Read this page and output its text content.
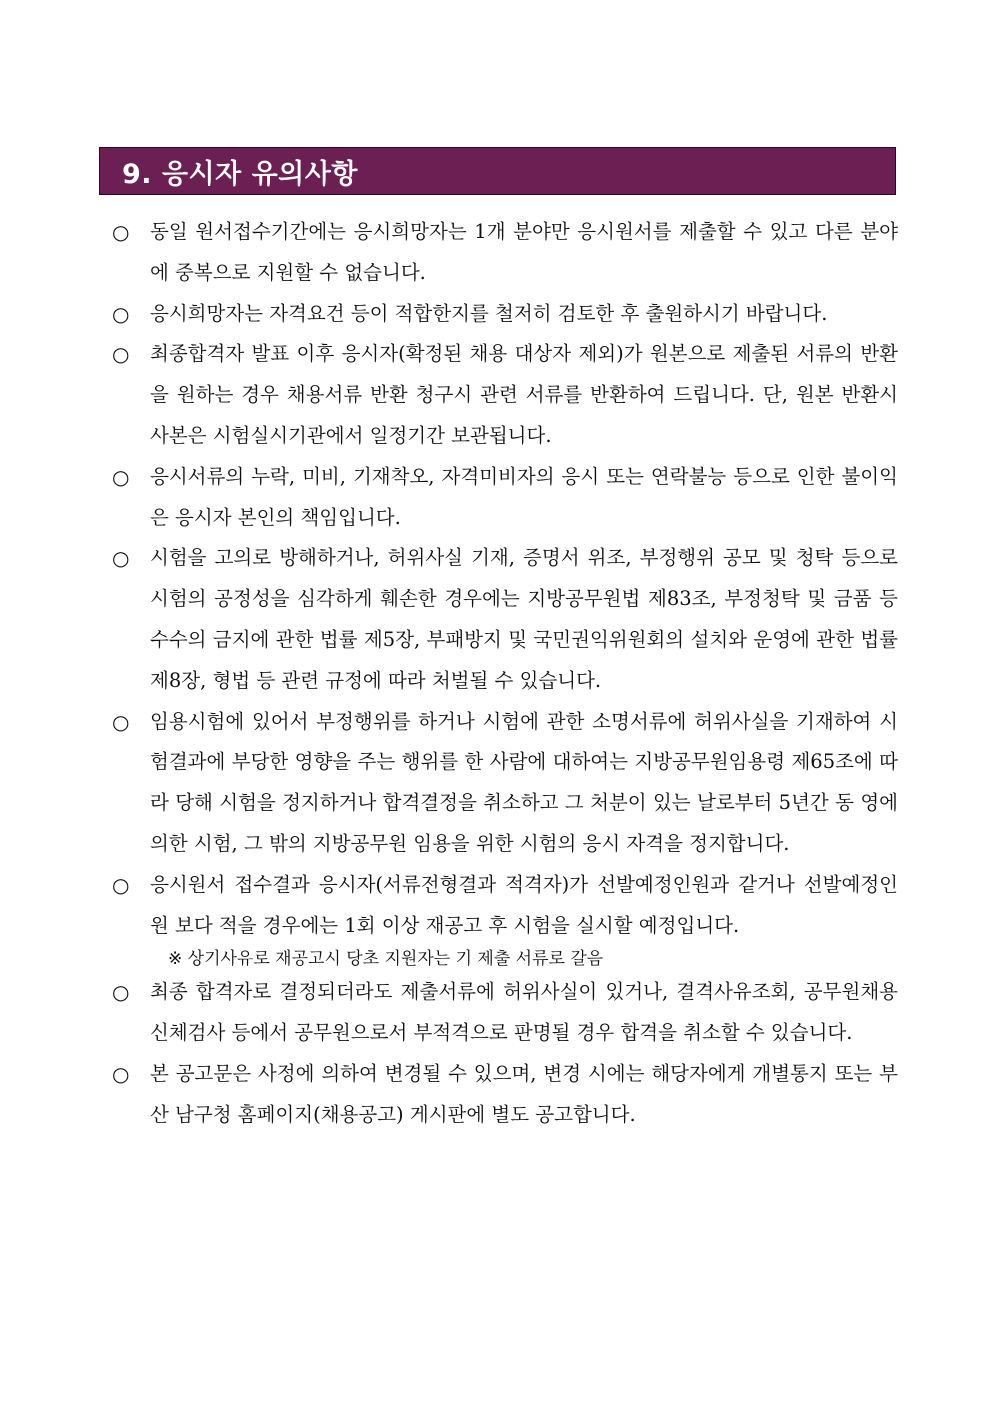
9. 응시자 유의사항
○ 동일 원서접수기간에는 응시희망자는 1개 분야만 응시원서를 제출할 수 있고 다른 분야에 중복으로 지원할 수 없습니다.
○ 응시희망자는 자격요건 등이 적합한지를 철저히 검토한 후 출원하시기 바랍니다.
○ 최종합격자 발표 이후 응시자(확정된 채용 대상자 제외)가 원본으로 제출된 서류의 반환을 원하는 경우 채용서류 반환 청구시 관련 서류를 반환하여 드립니다. 단, 원본 반환시 사본은 시험실시기관에서 일정기간 보관됩니다.
○ 응시서류의 누락, 미비, 기재착오, 자격미비자의 응시 또는 연락불능 등으로 인한 불이익은 응시자 본인의 책임입니다.
○ 시험을 고의로 방해하거나, 허위사실 기재, 증명서 위조, 부정행위 공모 및 청탁 등으로 시험의 공정성을 심각하게 훼손한 경우에는 지방공무원법 제83조, 부정청탁 및 금품 등 수수의 금지에 관한 법률 제5장, 부패방지 및 국민권익위원회의 설치와 운영에 관한 법률 제8장, 형법 등 관련 규정에 따라 처벌될 수 있습니다.
○ 임용시험에 있어서 부정행위를 하거나 시험에 관한 소명서류에 허위사실을 기재하여 시험결과에 부당한 영향을 주는 행위를 한 사람에 대하여는 지방공무원임용령 제65조에 따라 당해 시험을 정지하거나 합격결정을 취소하고 그 처분이 있는 날로부터 5년간 동 영에 의한 시험, 그 밖의 지방공무원 임용을 위한 시험의 응시 자격을 정지합니다.
○ 응시원서 접수결과 응시자(서류전형결과 적격자)가 선발예정인원과 같거나 선발예정인원 보다 적을 경우에는 1회 이상 재공고 후 시험을 실시할 예정입니다.
※ 상기사유로 재공고시 당초 지원자는 기 제출 서류로 갈음
○ 최종 합격자로 결정되더라도 제출서류에 허위사실이 있거나, 결격사유조회, 공무원채용신체검사 등에서 공무원으로서 부적격으로 판명될 경우 합격을 취소할 수 있습니다.
○ 본 공고문은 사정에 의하여 변경될 수 있으며, 변경 시에는 해당자에게 개별통지 또는 부산 남구청 홈페이지(채용공고) 게시판에 별도 공고합니다.
